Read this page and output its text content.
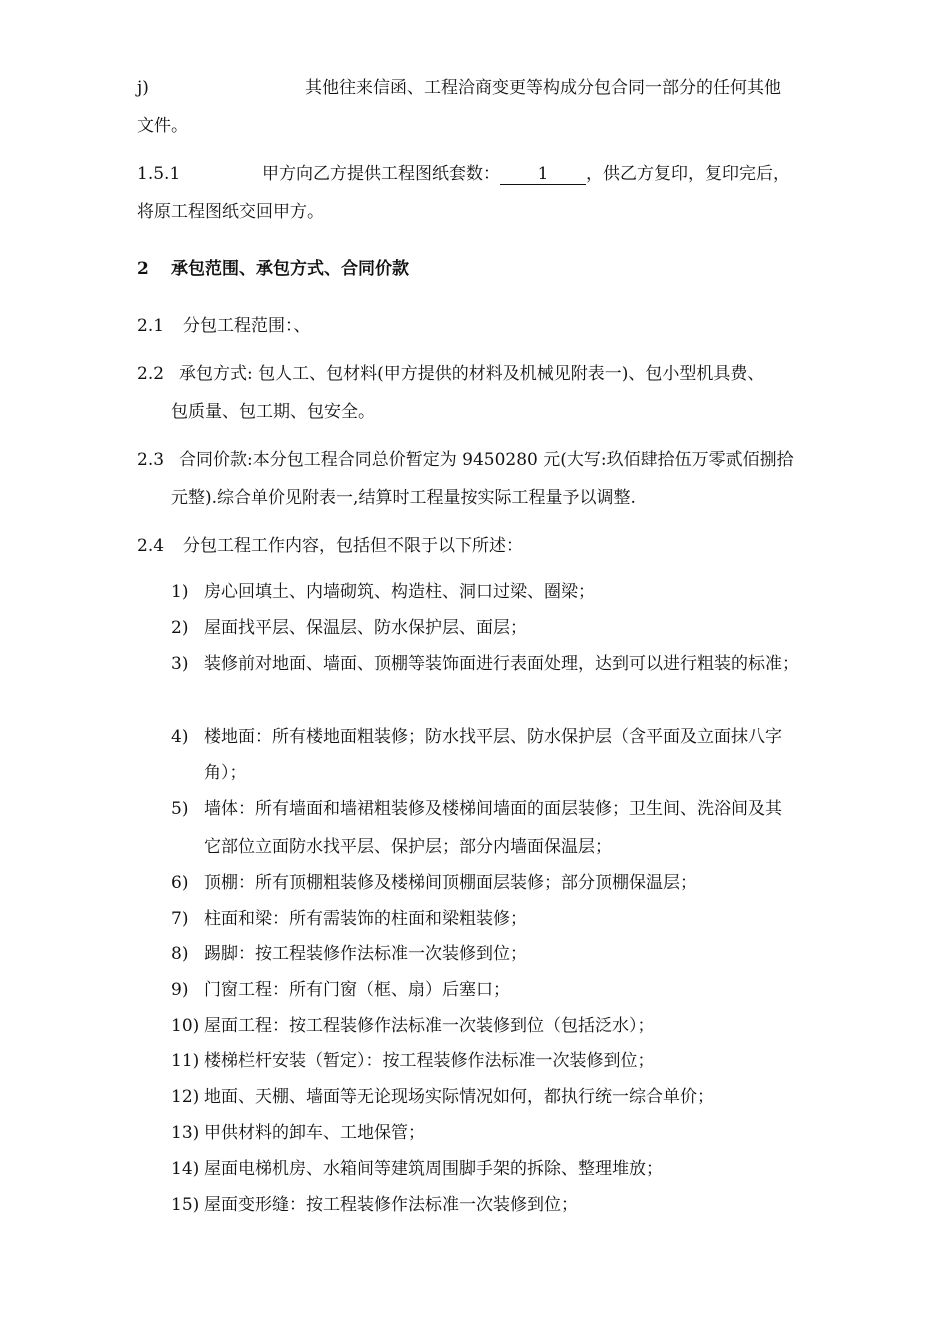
j)	其他往来信函、工程洽商变更等构成分包合同一部分的任何其他
文件。
1.5.1	甲方向乙方提供工程图纸套数： 1 ，供乙方复印，复印完后，
将原工程图纸交回甲方。
2 承包范围、承包方式、合同价款
2.1 分包工程范围：、
2.2 承包方式: 包人工、包材料(甲方提供的材料及机械见附表一)、包小型机具费、
包质量、包工期、包安全。
2.3 合同价款:本分包工程合同总价暂定为 9450280 元(大写:玖佰肆拾伍万零贰佰捌拾
元整).综合单价见附表一,结算时工程量按实际工程量予以调整.
2.4 分包工程工作内容，包括但不限于以下所述：
1) 房心回填土、内墙砌筑、构造柱、洞口过梁、圈梁；
2) 屋面找平层、保温层、防水保护层、面层；
3) 装修前对地面、墙面、顶棚等装饰面进行表面处理，达到可以进行粗装的标准；
4) 楼地面：所有楼地面粗装修；防水找平层、防水保护层（含平面及立面抹八字
角）；
5) 墙体：所有墙面和墙裙粗装修及楼梯间墙面的面层装修；卫生间、洗浴间及其
它部位立面防水找平层、保护层；部分内墙面保温层；
6) 顶棚：所有顶棚粗装修及楼梯间顶棚面层装修；部分顶棚保温层；
7) 柱面和梁：所有需装饰的柱面和梁粗装修；
8) 踢脚：按工程装修作法标准一次装修到位；
9) 门窗工程：所有门窗（框、扇）后塞口；
10) 屋面工程：按工程装修作法标准一次装修到位（包括泛水）；
11) 楼梯栏杆安装（暂定）：按工程装修作法标准一次装修到位；
12) 地面、天棚、墙面等无论现场实际情况如何，都执行统一综合单价；
13) 甲供材料的卸车、工地保管；
14) 屋面电梯机房、水箱间等建筑周围脚手架的拆除、整理堆放；
15) 屋面变形缝：按工程装修作法标准一次装修到位；
